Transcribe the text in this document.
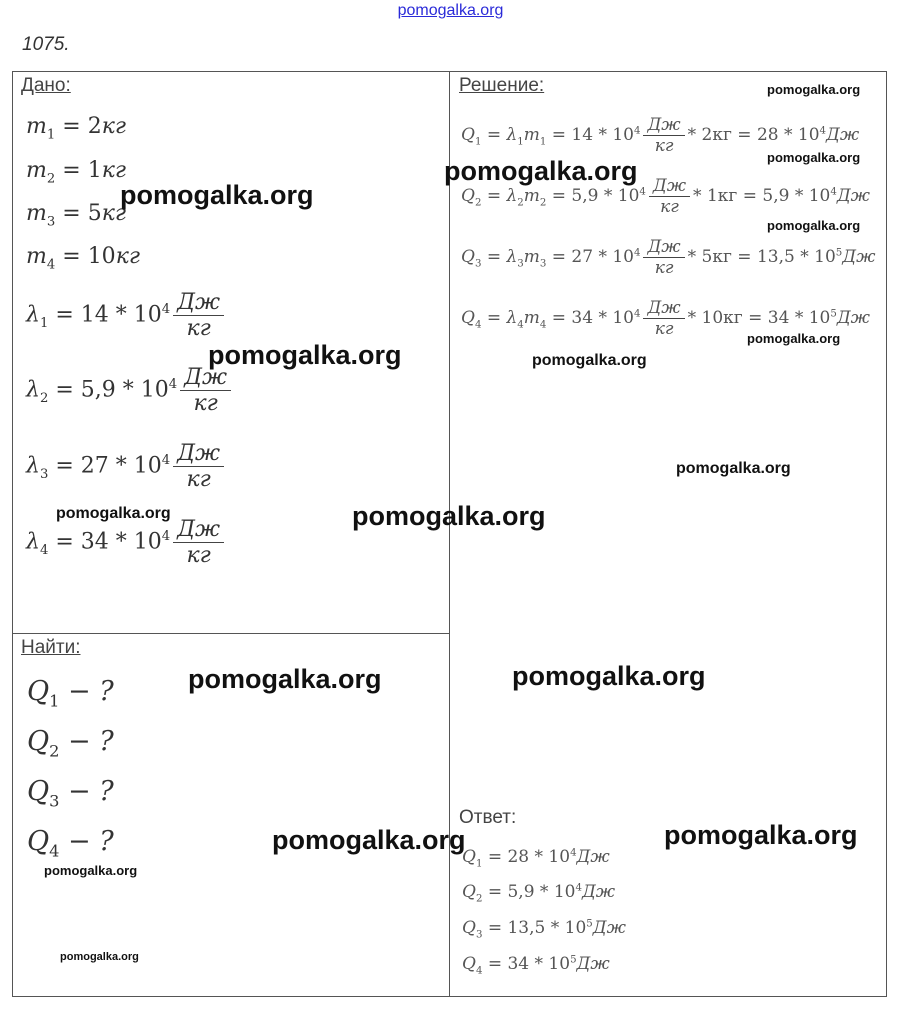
pomogalka.org
1075.
Дано:	Решение:
Найти:
Ответ:
$m_1 = 2кг$
$m_2 = 1кг$
$m_3 = 5кг$
$m_4 = 10кг$
$\lambda_1 = 14 * 10^4 \frac{Дж}{кг}$
$\lambda_2 = 5,9 * 10^4 \frac{Дж}{кг}$
$\lambda_3 = 27 * 10^4 \frac{Дж}{кг}$
$\lambda_4 = 34 * 10^4 \frac{Дж}{кг}$
$Q_1 = \lambda_1m_1 = 14 * 10^4 \frac{Дж}{кг} * 2кг = 28 * 10^4Дж$
$Q_2 = \lambda_2m_2 = 5,9 * 10^4 \frac{Дж}{кг} * 1кг = 5,9 * 10^4Дж$
$Q_3 = \lambda_3m_3 = 27 * 10^4 \frac{Дж}{кг} * 5кг = 13,5 * 10^5Дж$
$Q_4 = \lambda_4m_4 = 34 * 10^4 \frac{Дж}{кг} * 10кг = 34 * 10^5Дж$
$Q_1$ − ?
$Q_2$ − ?
$Q_3$ − ?
$Q_4$ − ?	$Q_1 = 28 * 10^4Дж$
$Q_2 = 5,9 * 10^4Дж$
$Q_3 = 13,5 * 10^5Дж$
$Q_4 = 34 * 10^5Дж$
pomogalka.org
pomogalka.org
pomogalka.org
pomogalka.org
pomogalka.org	pomogalka.org
pomogalka.org	pomogalka.org
pomogalka.org
pomogalka.org
pomogalka.org
pomogalka.org
pomogalka.org
pomogalka.org
pomogalka.org
pomogalka.org
pomogalka.org
